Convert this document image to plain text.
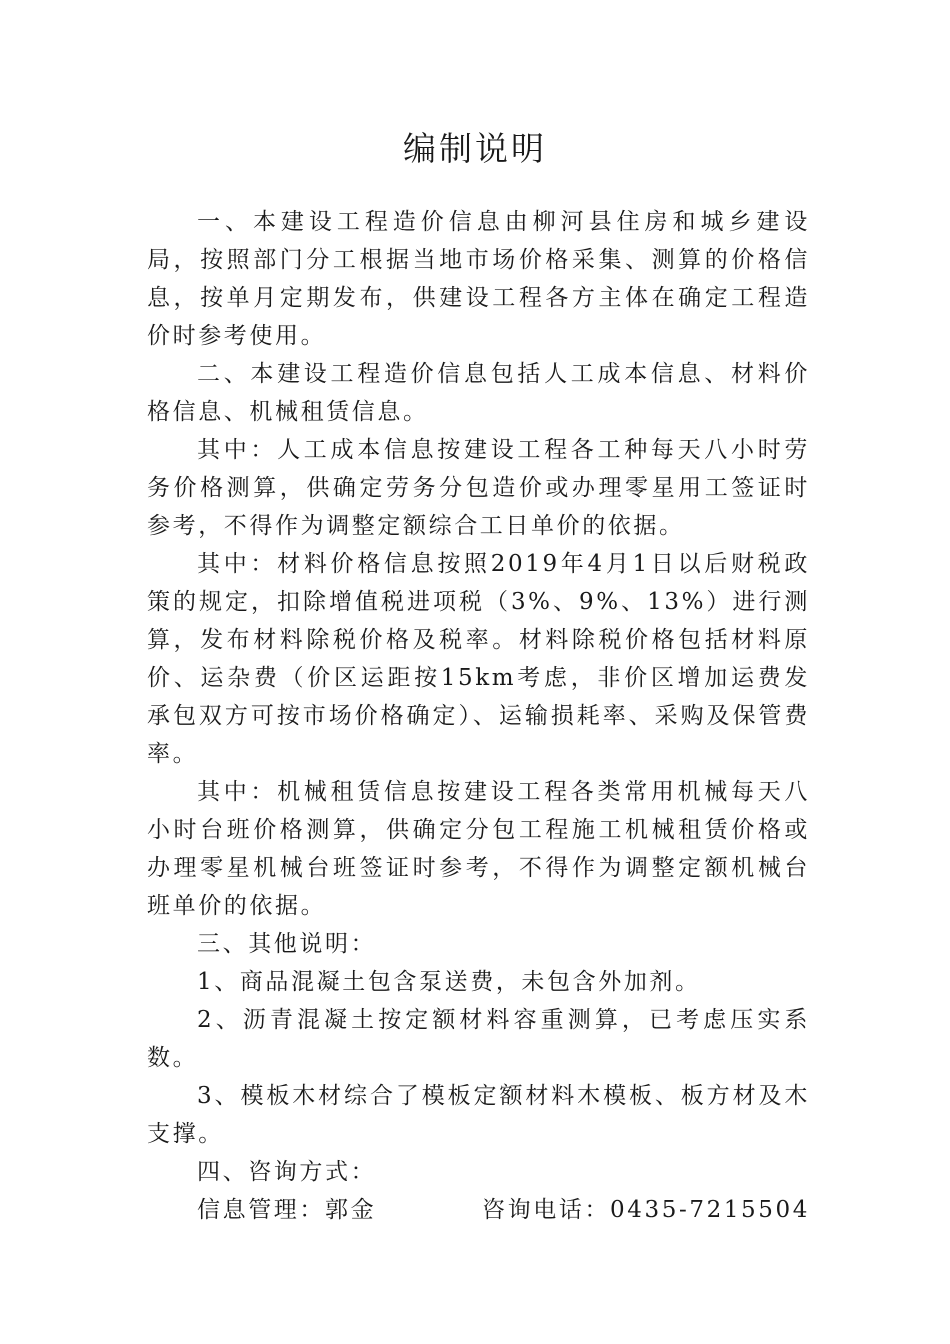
编制说明

一、本建设工程造价信息由柳河县住房和城乡建设局，按照部门分工根据当地市场价格采集、测算的价格信息，按单月定期发布，供建设工程各方主体在确定工程造价时参考使用。

二、本建设工程造价信息包括人工成本信息、材料价格信息、机械租赁信息。

其中：人工成本信息按建设工程各工种每天八小时劳务价格测算，供确定劳务分包造价或办理零星用工签证时参考，不得作为调整定额综合工日单价的依据。

其中：材料价格信息按照2019年4月1日以后财税政策的规定，扣除增值税进项税（3%、9%、13%）进行测算，发布材料除税价格及税率。材料除税价格包括材料原价、运杂费（价区运距按15km考虑，非价区增加运费发承包双方可按市场价格确定）、运输损耗率、采购及保管费率。

其中：机械租赁信息按建设工程各类常用机械每天八小时台班价格测算，供确定分包工程施工机械租赁价格或办理零星机械台班签证时参考，不得作为调整定额机械台班单价的依据。

三、其他说明：

1、商品混凝土包含泵送费，未包含外加剂。

2、沥青混凝土按定额材料容重测算，已考虑压实系数。

3、模板木材综合了模板定额材料木模板、板方材及木支撑。

四、咨询方式：

信息管理：郭金	咨询电话：0435-7215504
